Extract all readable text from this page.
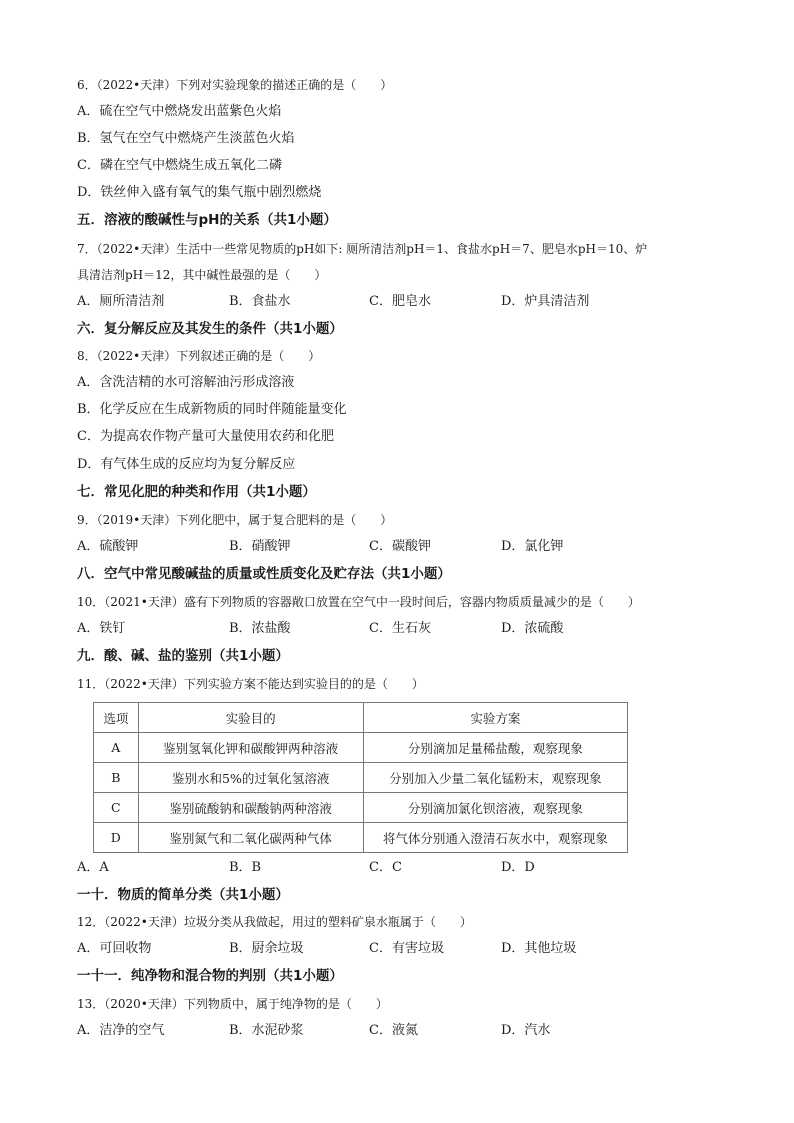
6．（2022•天津）下列对实验现象的描述正确的是（　　）
A．硫在空气中燃烧发出蓝紫色火焰
B．氢气在空气中燃烧产生淡蓝色火焰
C．磷在空气中燃烧生成五氧化二磷
D．铁丝伸入盛有氧气的集气瓶中剧烈燃烧
五．溶液的酸碱性与pH的关系（共1小题）
7．（2022•天津）生活中一些常见物质的pH如下: 厕所清洁剂pH＝1、食盐水pH＝7、肥皂水pH＝10、炉
具清洁剂pH＝12，其中碱性最强的是（　　）
A．厕所清洁剂	B．食盐水	C．肥皂水	D．炉具清洁剂
六．复分解反应及其发生的条件（共1小题）
8．（2022•天津）下列叙述正确的是（　　）
A．含洗洁精的水可溶解油污形成溶液
B．化学反应在生成新物质的同时伴随能量变化
C．为提高农作物产量可大量使用农药和化肥
D．有气体生成的反应均为复分解反应
七．常见化肥的种类和作用（共1小题）
9．（2019•天津）下列化肥中，属于复合肥料的是（　　）
A．硫酸钾	B．硝酸钾	C．碳酸钾	D．氯化钾
八．空气中常见酸碱盐的质量或性质变化及贮存法（共1小题）
10．（2021•天津）盛有下列物质的容器敞口放置在空气中一段时间后，容器内物质质量减少的是（　　）
A．铁钉	B．浓盐酸	C．生石灰	D．浓硫酸
九．酸、碱、盐的鉴别（共1小题）
11．（2022•天津）下列实验方案不能达到实验目的的是（　　）
选项	实验目的	实验方案
A	鉴别氢氧化钾和碳酸钾两种溶液	分别滴加足量稀盐酸，观察现象
B	鉴别水和5%的过氧化氢溶液	分别加入少量二氧化锰粉末，观察现象
C	鉴别硫酸钠和碳酸钠两种溶液	分别滴加氯化钡溶液，观察现象
D	鉴别氮气和二氧化碳两种气体	将气体分别通入澄清石灰水中，观察现象
A．A	B．B	C．C	D．D
一十．物质的简单分类（共1小题）
12．（2022•天津）垃圾分类从我做起，用过的塑料矿泉水瓶属于（　　）
A．可回收物	B．厨余垃圾	C．有害垃圾	D．其他垃圾
一十一．纯净物和混合物的判别（共1小题）
13．（2020•天津）下列物质中，属于纯净物的是（　　）
A．洁净的空气	B．水泥砂浆	C．液氮	D．汽水
